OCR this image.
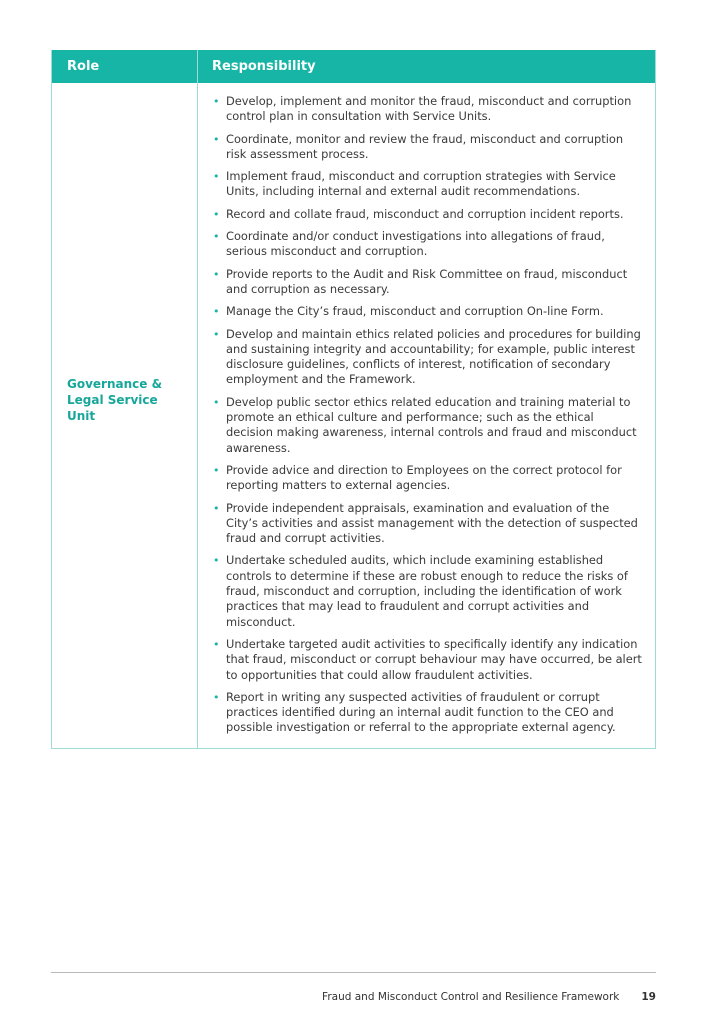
Role	Responsibility
Governance & Legal Service Unit
• Develop, implement and monitor the fraud, misconduct and corruption control plan in consultation with Service Units.
• Coordinate, monitor and review the fraud, misconduct and corruption risk assessment process.
• Implement fraud, misconduct and corruption strategies with Service Units, including internal and external audit recommendations.
• Record and collate fraud, misconduct and corruption incident reports.
• Coordinate and/or conduct investigations into allegations of fraud, serious misconduct and corruption.
• Provide reports to the Audit and Risk Committee on fraud, misconduct and corruption as necessary.
• Manage the City’s fraud, misconduct and corruption On-line Form.
• Develop and maintain ethics related policies and procedures for building and sustaining integrity and accountability; for example, public interest disclosure guidelines, conflicts of interest, notification of secondary employment and the Framework.
• Develop public sector ethics related education and training material to promote an ethical culture and performance; such as the ethical decision making awareness, internal controls and fraud and misconduct awareness.
• Provide advice and direction to Employees on the correct protocol for reporting matters to external agencies.
• Provide independent appraisals, examination and evaluation of the City’s activities and assist management with the detection of suspected fraud and corrupt activities.
• Undertake scheduled audits, which include examining established controls to determine if these are robust enough to reduce the risks of fraud, misconduct and corruption, including the identification of work practices that may lead to fraudulent and corrupt activities and misconduct.
• Undertake targeted audit activities to specifically identify any indication that fraud, misconduct or corrupt behaviour may have occurred, be alert to opportunities that could allow fraudulent activities.
• Report in writing any suspected activities of fraudulent or corrupt practices identified during an internal audit function to the CEO and possible investigation or referral to the appropriate external agency.
Fraud and Misconduct Control and Resilience Framework 19
